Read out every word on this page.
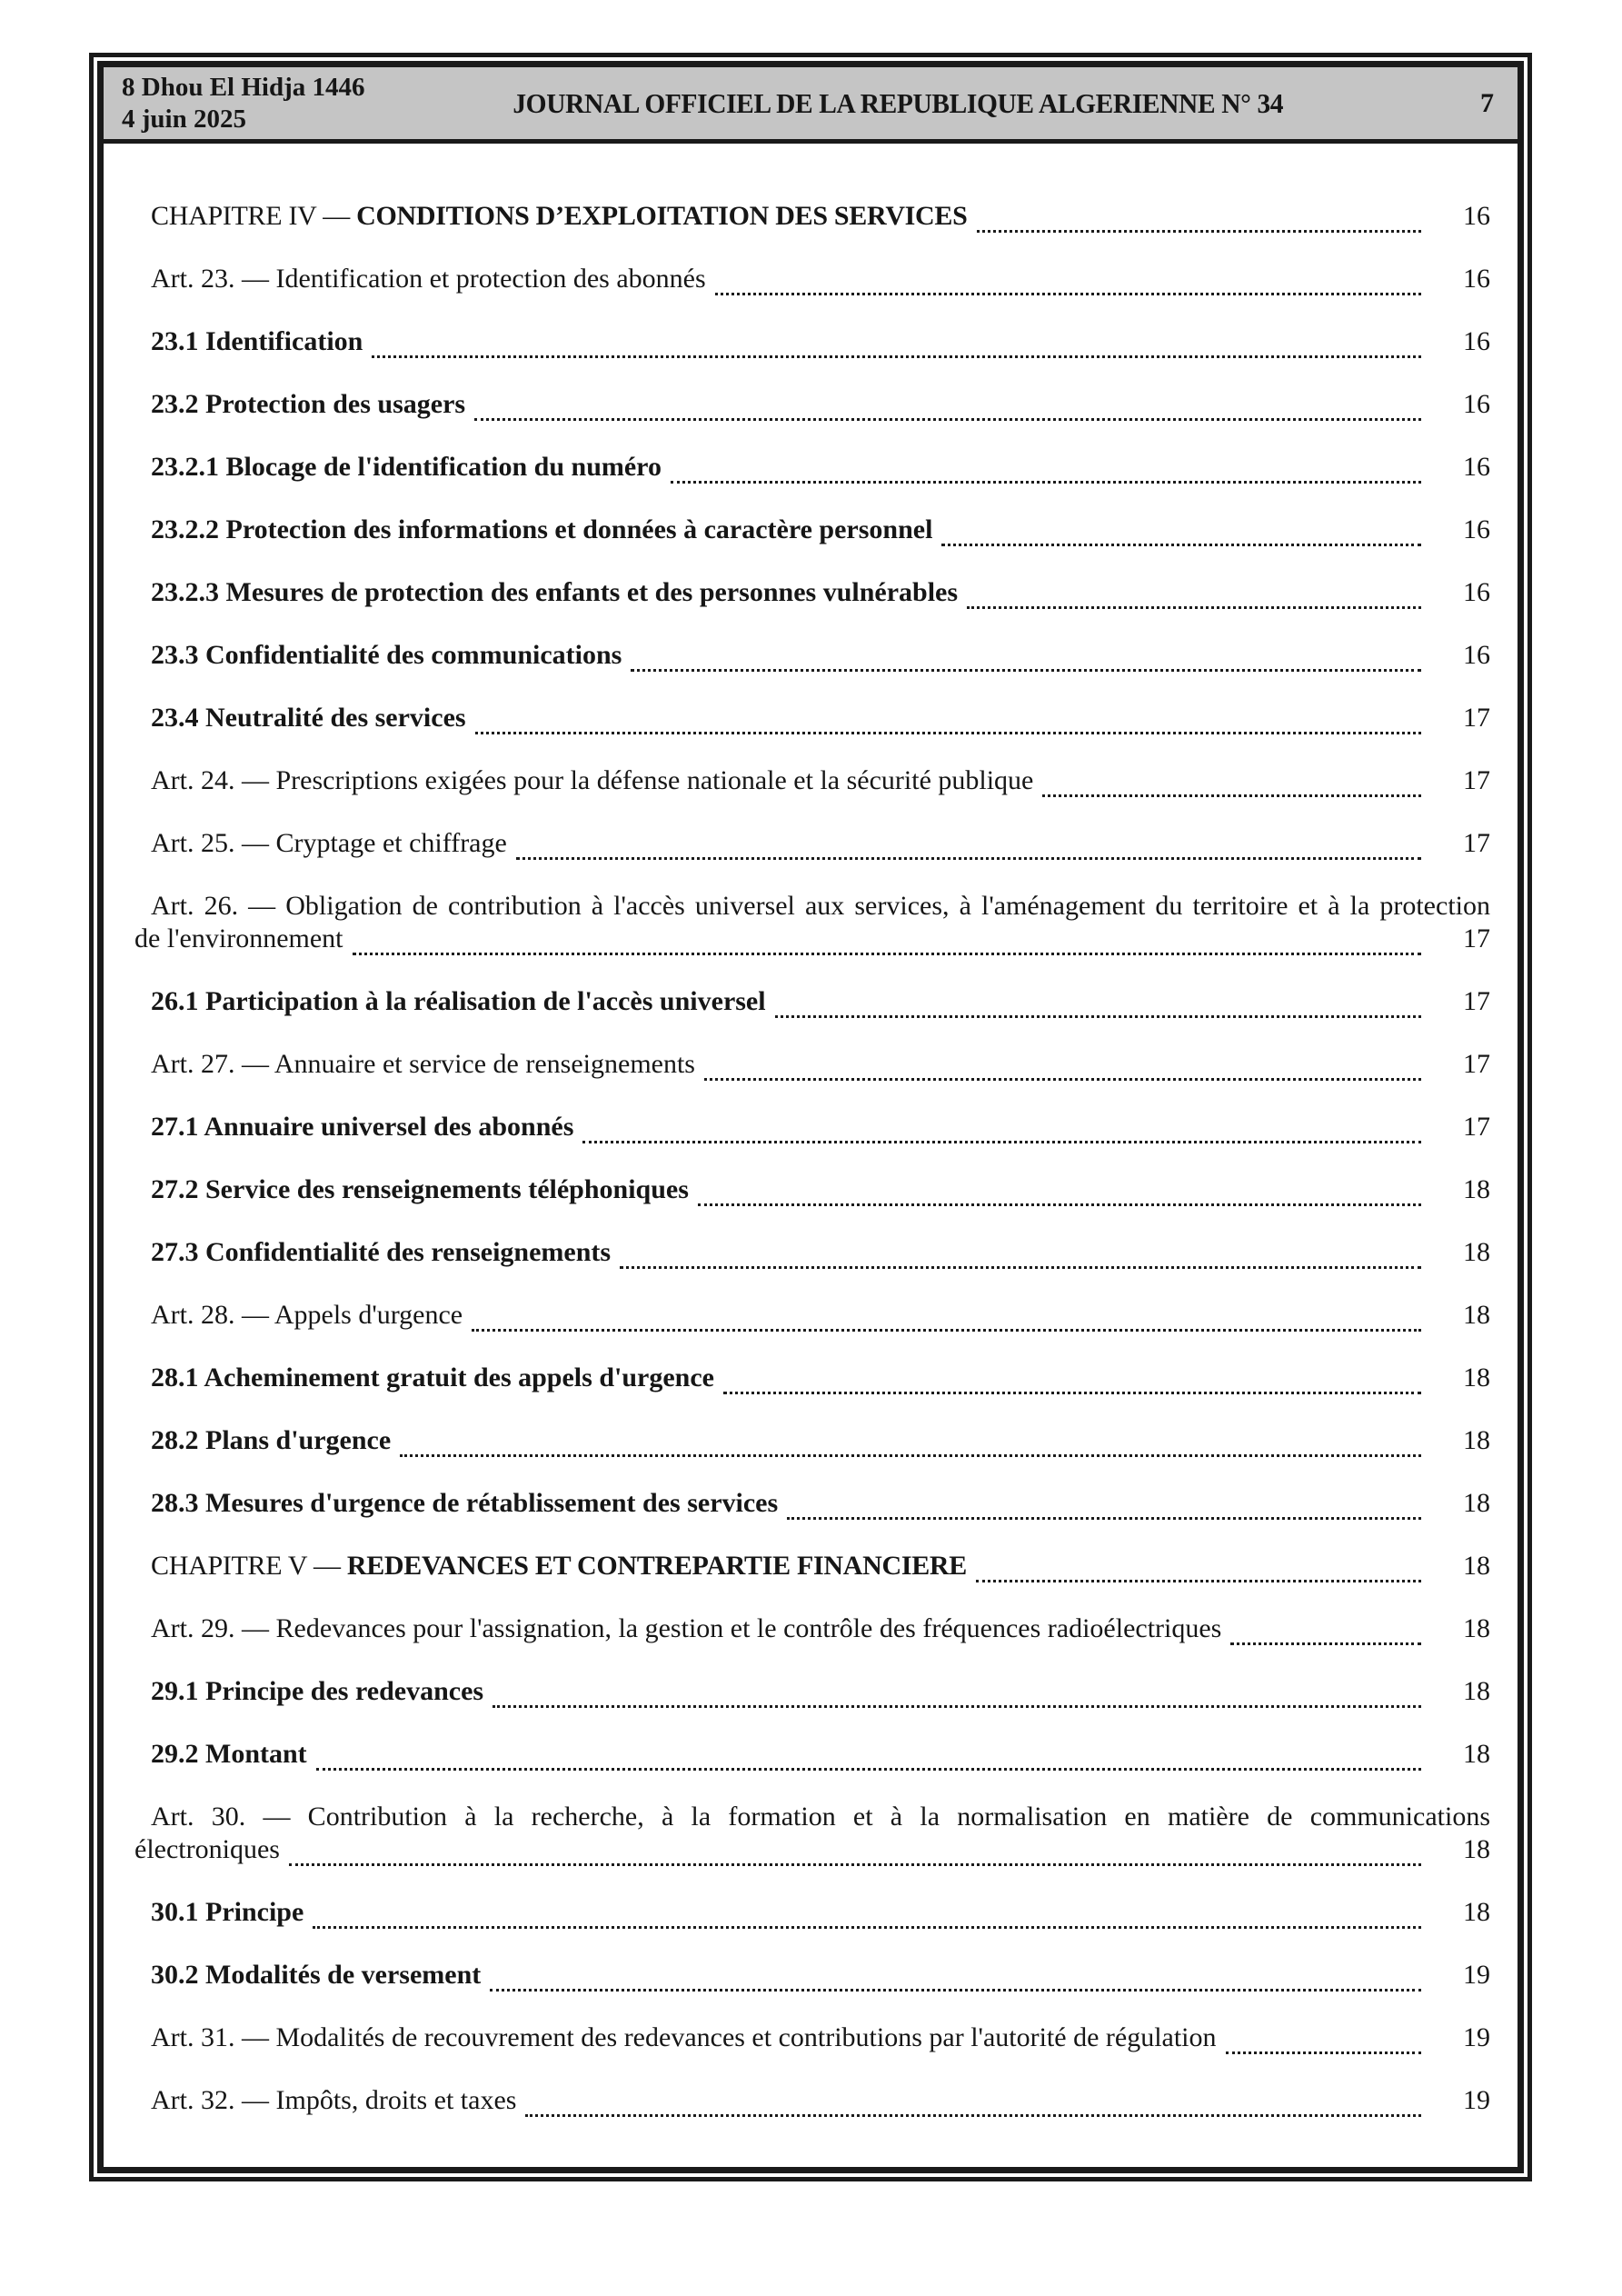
8 Dhou El Hidja 1446
4 juin 2025	JOURNAL OFFICIEL DE LA REPUBLIQUE ALGERIENNE N° 34	7
CHAPITRE IV — CONDITIONS D’EXPLOITATION DES SERVICES	16
Art. 23. — Identification et protection des abonnés	16
23.1 Identification	16
23.2 Protection des usagers	16
23.2.1 Blocage de l'identification du numéro	16
23.2.2 Protection des informations et données à caractère personnel	16
23.2.3 Mesures de protection des enfants et des personnes vulnérables	16
23.3 Confidentialité des communications	16
23.4 Neutralité des services	17
Art. 24. — Prescriptions exigées pour la défense nationale et la sécurité publique	17
Art. 25. — Cryptage et chiffrage	17
Art. 26. — Obligation de contribution à l'accès universel aux services, à l'aménagement du territoire et à la protection
de l'environnement	17
26.1 Participation à la réalisation de l'accès universel	17
Art. 27. — Annuaire et service de renseignements	17
27.1 Annuaire universel des abonnés	17
27.2 Service des renseignements téléphoniques	18
27.3 Confidentialité des renseignements	18
Art. 28. — Appels d'urgence	18
28.1 Acheminement gratuit des appels d'urgence	18
28.2 Plans d'urgence	18
28.3 Mesures d'urgence de rétablissement des services	18
CHAPITRE V — REDEVANCES ET CONTREPARTIE FINANCIERE	18
Art. 29. — Redevances pour l'assignation, la gestion et le contrôle des fréquences radioélectriques	18
29.1 Principe des redevances	18
29.2 Montant	18
Art. 30. — Contribution à la recherche, à la formation et à la normalisation en matière de communications
électroniques	18
30.1 Principe	18
30.2 Modalités de versement	19
Art. 31. — Modalités de recouvrement des redevances et contributions par l'autorité de régulation	19
Art. 32. — Impôts, droits et taxes	19
